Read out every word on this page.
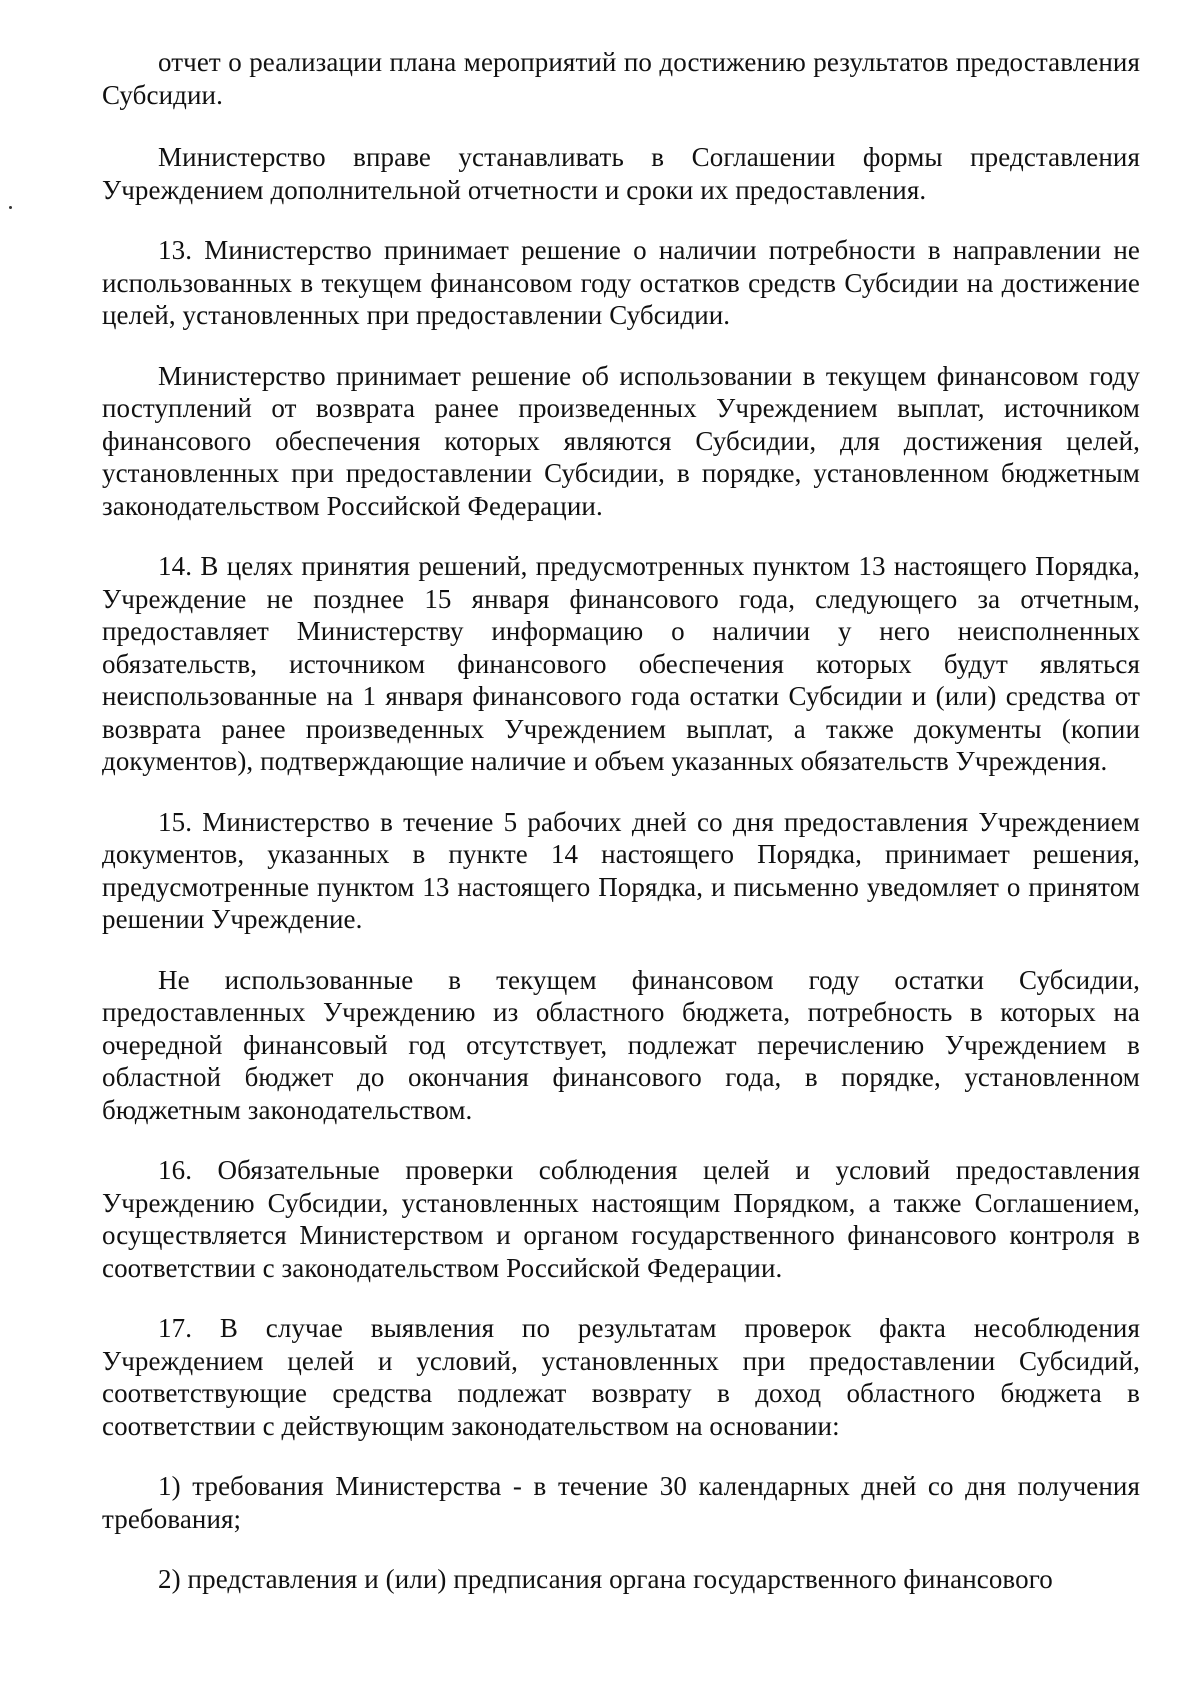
отчет о реализации плана мероприятий по достижению результатов предоставления Субсидии.

Министерство вправе устанавливать в Соглашении формы представления Учреждением дополнительной отчетности и сроки их предоставления.

13. Министерство принимает решение о наличии потребности в направлении не использованных в текущем финансовом году остатков средств Субсидии на достижение целей, установленных при предоставлении Субсидии.

Министерство принимает решение об использовании в текущем финансовом году поступлений от возврата ранее произведенных Учреждением выплат, источником финансового обеспечения которых являются Субсидии, для достижения целей, установленных при предоставлении Субсидии, в порядке, установленном бюджетным законодательством Российской Федерации.

14. В целях принятия решений, предусмотренных пунктом 13 настоящего Порядка, Учреждение не позднее 15 января финансового года, следующего за отчетным, предоставляет Министерству информацию о наличии у него неисполненных обязательств, источником финансового обеспечения которых будут являться неиспользованные на 1 января финансового года остатки Субсидии и (или) средства от возврата ранее произведенных Учреждением выплат, а также документы (копии документов), подтверждающие наличие и объем указанных обязательств Учреждения.

15. Министерство в течение 5 рабочих дней со дня предоставления Учреждением документов, указанных в пункте 14 настоящего Порядка, принимает решения, предусмотренные пунктом 13 настоящего Порядка, и письменно уведомляет о принятом решении Учреждение.

Не использованные в текущем финансовом году остатки Субсидии, предоставленных Учреждению из областного бюджета, потребность в которых на очередной финансовый год отсутствует, подлежат перечислению Учреждением в областной бюджет до окончания финансового года, в порядке, установленном бюджетным законодательством.

16. Обязательные проверки соблюдения целей и условий предоставления Учреждению Субсидии, установленных настоящим Порядком, а также Соглашением, осуществляется Министерством и органом государственного финансового контроля в соответствии с законодательством Российской Федерации.

17. В случае выявления по результатам проверок факта несоблюдения Учреждением целей и условий, установленных при предоставлении Субсидий, соответствующие средства подлежат возврату в доход областного бюджета в соответствии с действующим законодательством на основании:

1) требования Министерства - в течение 30 календарных дней со дня получения требования;

2) представления и (или) предписания органа государственного финансового
